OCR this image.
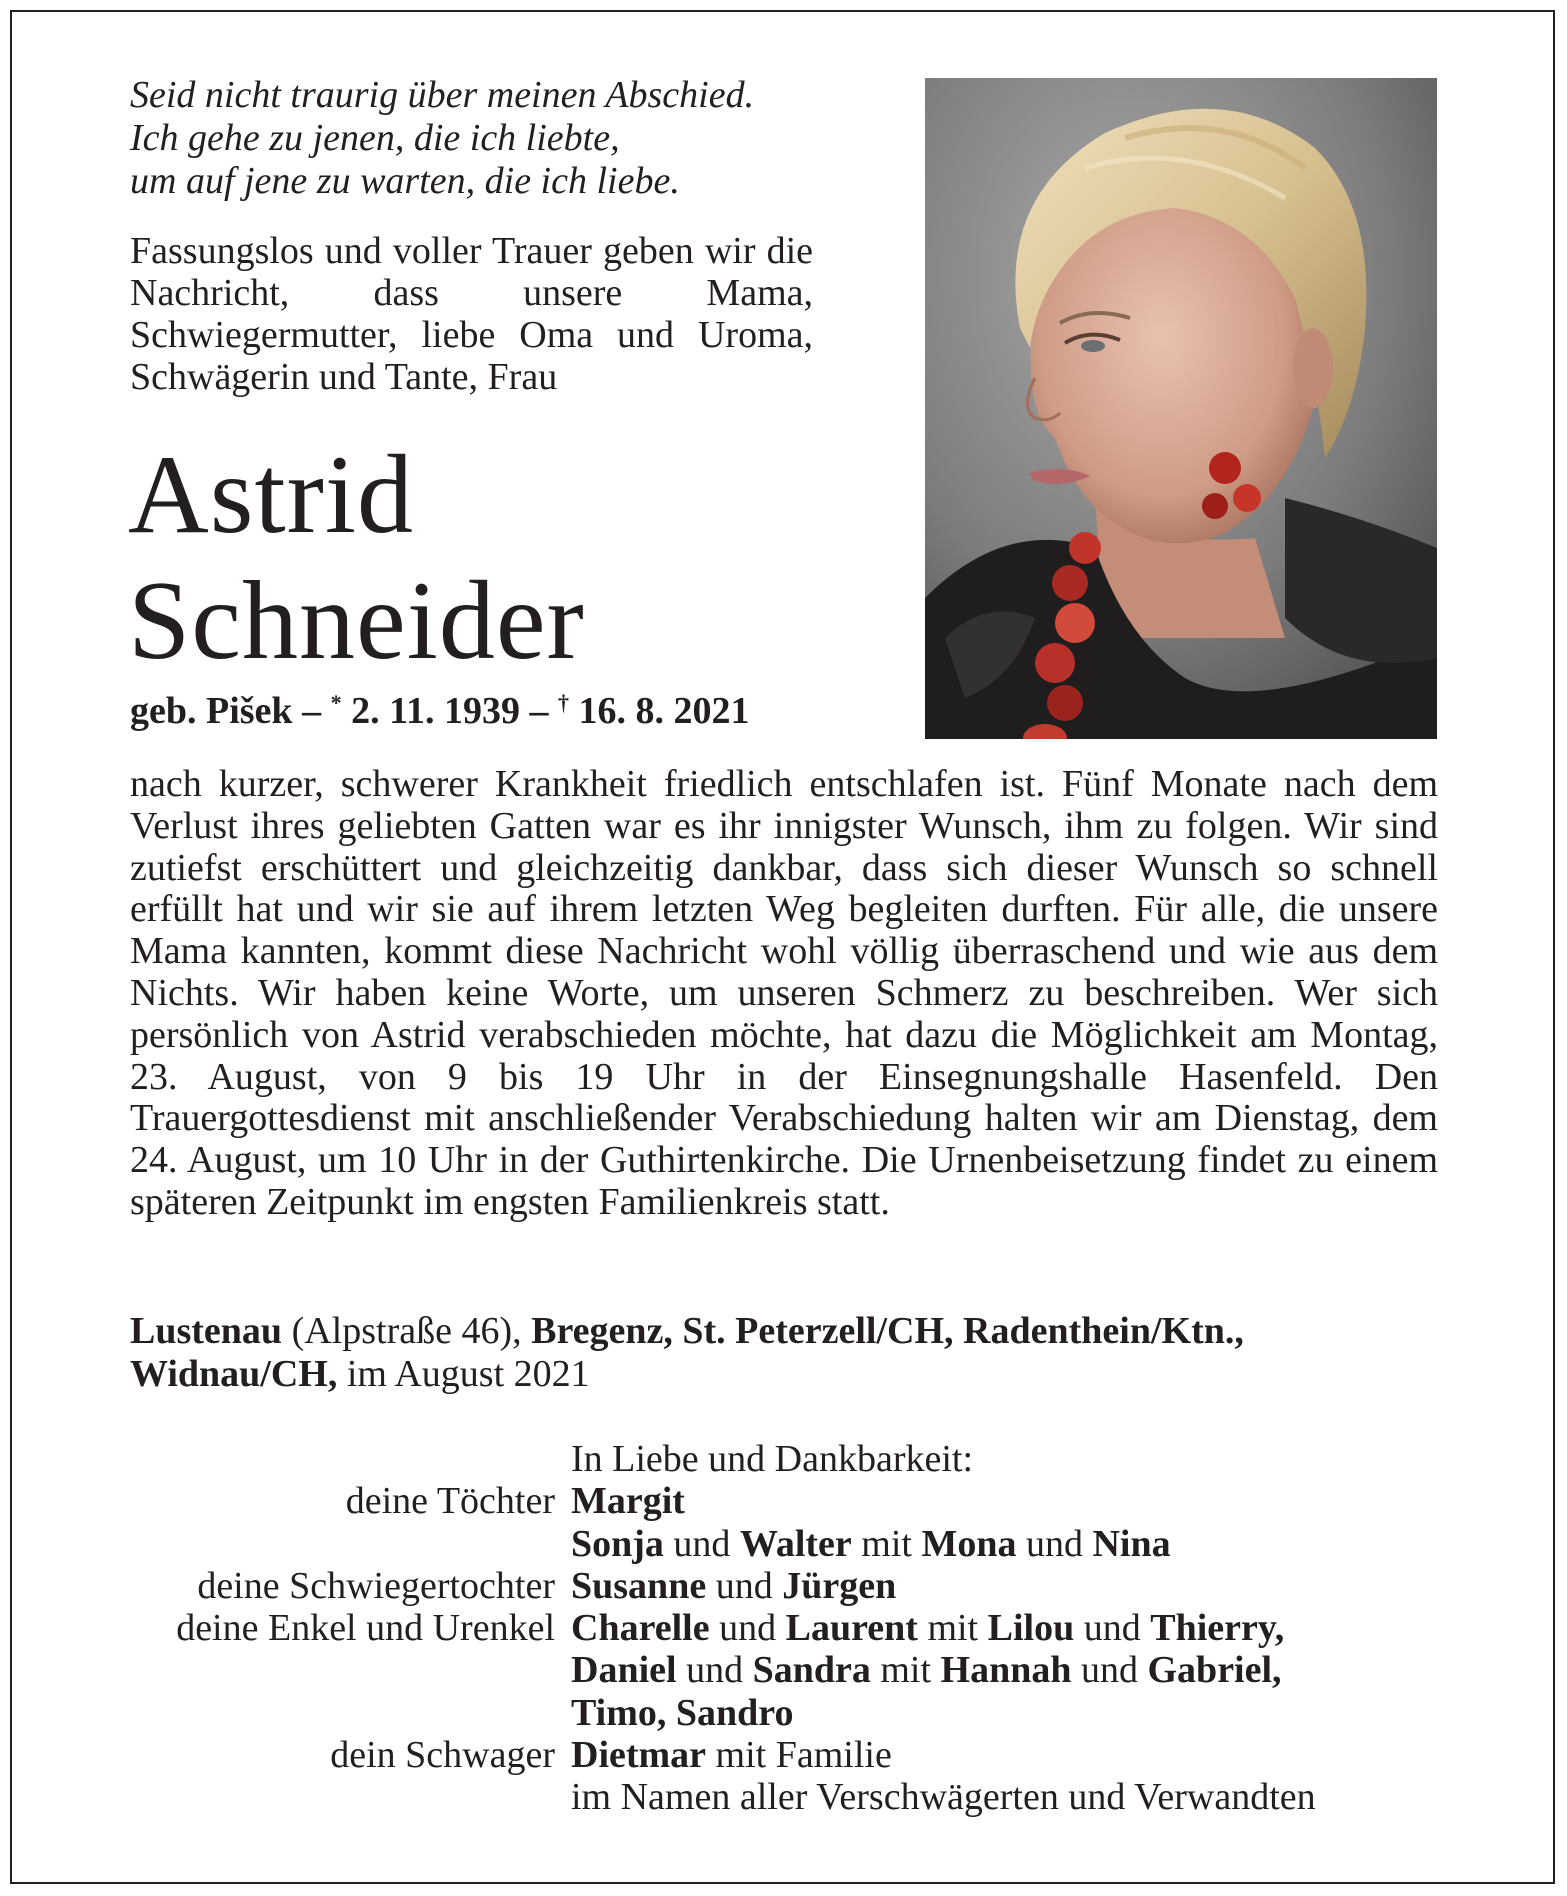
Seid nicht traurig über meinen Abschied.
Ich gehe zu jenen, die ich liebte,
um auf jene zu warten, die ich liebe.
Fassungslos und voller Trauer geben wir die Nachricht, dass unsere Mama, Schwiegermutter, liebe Oma und Uroma, Schwägerin und Tante, Frau
Astrid
Schneider
geb. Pišek – * 2. 11. 1939 – † 16. 8. 2021
nach kurzer, schwerer Krankheit friedlich entschlafen ist. Fünf Monate nach dem Verlust ihres geliebten Gatten war es ihr innigster Wunsch, ihm zu folgen. Wir sind zutiefst erschüttert und gleichzeitig dankbar, dass sich dieser Wunsch so schnell erfüllt hat und wir sie auf ihrem letzten Weg begleiten durften. Für alle, die unsere Mama kannten, kommt diese Nachricht wohl völlig überraschend und wie aus dem Nichts. Wir haben keine Worte, um unseren Schmerz zu beschreiben. Wer sich persönlich von Astrid verabschieden möchte, hat dazu die Möglichkeit am Montag, 23. August, von 9 bis 19 Uhr in der Einsegnungshalle Hasenfeld. Den Trauergottesdienst mit anschließender Verabschiedung halten wir am Dienstag, dem 24. August, um 10 Uhr in der Guthirtenkirche. Die Urnenbeisetzung findet zu einem späteren Zeitpunkt im engsten Familienkreis statt.
Lustenau (Alpstraße 46), Bregenz, St. Peterzell/CH, Radenthein/Ktn.,
Widnau/CH, im August 2021
In Liebe und Dankbarkeit:
deine Töchter Margit
Sonja und Walter mit Mona und Nina
deine Schwiegertochter Susanne und Jürgen
deine Enkel und Urenkel Charelle und Laurent mit Lilou und Thierry,
Daniel und Sandra mit Hannah und Gabriel,
Timo, Sandro
dein Schwager Dietmar mit Familie
im Namen aller Verschwägerten und Verwandten
